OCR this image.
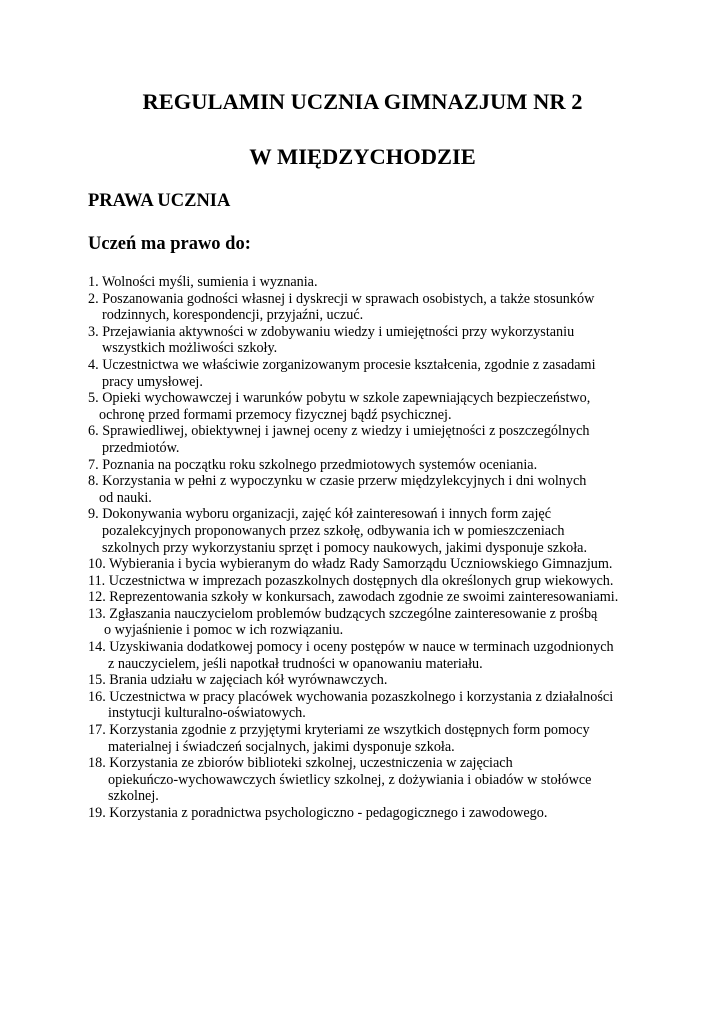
REGULAMIN UCZNIA GIMNAZJUM NR 2
W MIĘDZYCHODZIE
PRAWA UCZNIA
Uczeń ma prawo do:
1. Wolności myśli, sumienia i wyznania.
2. Poszanowania godności własnej i dyskrecji w sprawach osobistych, a także stosunków
rodzinnych, korespondencji, przyjaźni, uczuć.
3. Przejawiania aktywności w zdobywaniu wiedzy i umiejętności przy wykorzystaniu
wszystkich możliwości szkoły.
4. Uczestnictwa we właściwie zorganizowanym procesie kształcenia, zgodnie z zasadami
pracy umysłowej.
5. Opieki wychowawczej i warunków pobytu w szkole zapewniających bezpieczeństwo,
ochronę przed formami przemocy fizycznej bądź psychicznej.
6. Sprawiedliwej, obiektywnej i jawnej oceny z wiedzy i umiejętności z poszczególnych
przedmiotów.
7. Poznania na początku roku szkolnego przedmiotowych systemów oceniania.
8. Korzystania w pełni z wypoczynku w czasie przerw międzylekcyjnych i dni wolnych
od nauki.
9. Dokonywania wyboru organizacji, zajęć kół zainteresowań i innych form zajęć
pozalekcyjnych proponowanych przez szkołę, odbywania ich w pomieszczeniach
szkolnych przy wykorzystaniu sprzęt i pomocy naukowych, jakimi dysponuje szkoła.
10. Wybierania i bycia wybieranym do władz Rady Samorządu Uczniowskiego Gimnazjum.
11. Uczestnictwa w imprezach pozaszkolnych dostępnych dla określonych grup wiekowych.
12. Reprezentowania szkoły w konkursach, zawodach zgodnie ze swoimi zainteresowaniami.
13. Zgłaszania nauczycielom problemów budzących szczególne zainteresowanie z prośbą
o wyjaśnienie i pomoc w ich rozwiązaniu.
14. Uzyskiwania dodatkowej pomocy i oceny postępów w nauce w terminach uzgodnionych
z nauczycielem, jeśli napotkał trudności w opanowaniu materiału.
15. Brania udziału w zajęciach kół wyrównawczych.
16. Uczestnictwa w pracy placówek wychowania pozaszkolnego i korzystania z działalności
instytucji kulturalno-oświatowych.
17. Korzystania zgodnie z przyjętymi kryteriami ze wszytkich dostępnych form pomocy
materialnej i świadczeń socjalnych, jakimi dysponuje szkoła.
18. Korzystania ze zbiorów biblioteki szkolnej, uczestniczenia w zajęciach
opiekuńczo-wychowawczych świetlicy szkolnej, z dożywiania i obiadów w stołówce
szkolnej.
19. Korzystania z poradnictwa psychologiczno - pedagogicznego i zawodowego.
